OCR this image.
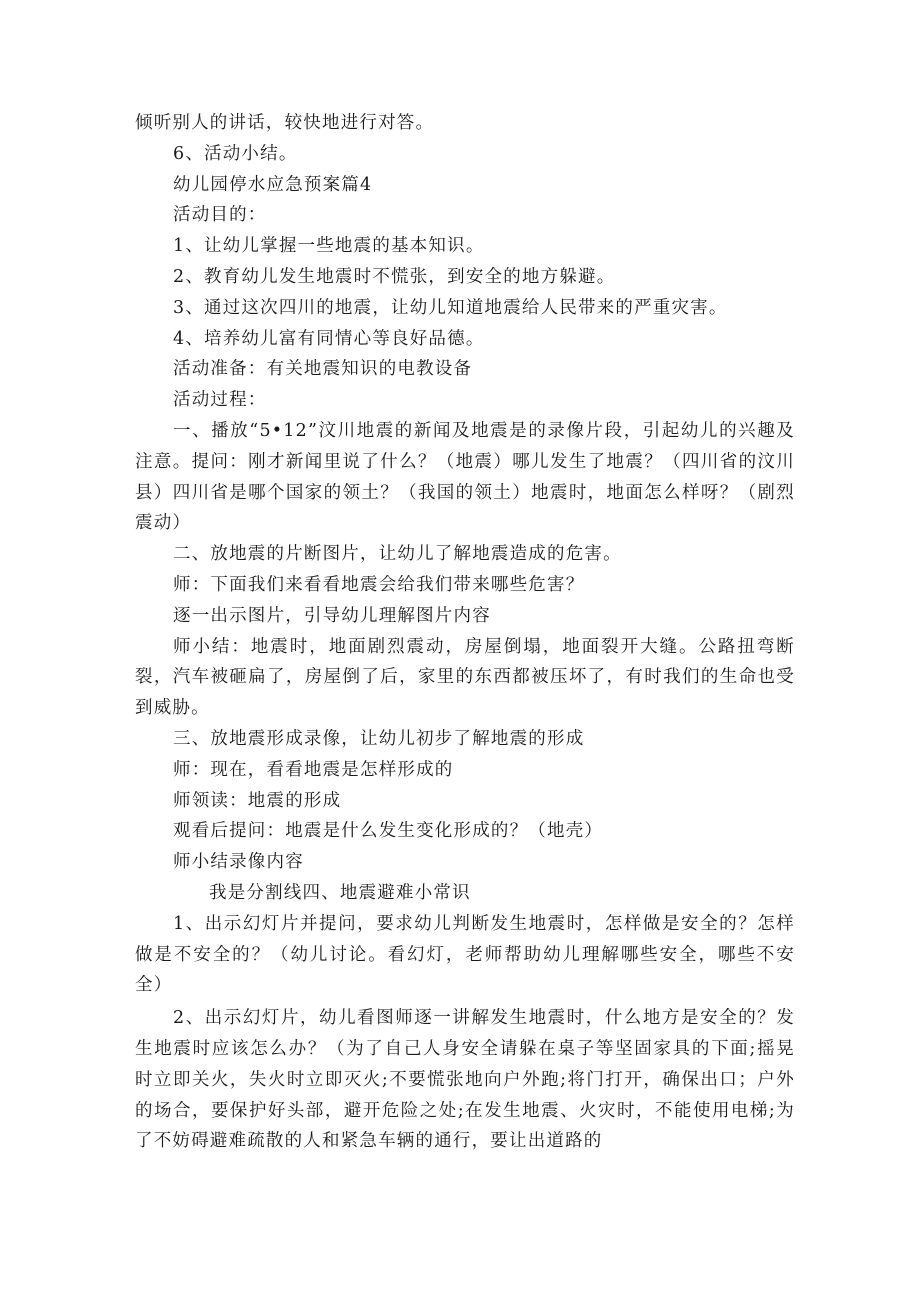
倾听别人的讲话，较快地进行对答。

6、活动小结。

幼儿园停水应急预案篇4

活动目的：

1、让幼儿掌握一些地震的基本知识。

2、教育幼儿发生地震时不慌张，到安全的地方躲避。

3、通过这次四川的地震，让幼儿知道地震给人民带来的严重灾害。

4、培养幼儿富有同情心等良好品德。

活动准备：有关地震知识的电教设备

活动过程：

一、播放“5•12”汶川地震的新闻及地震是的录像片段，引起幼儿的兴趣及注意。提问：刚才新闻里说了什么？（地震）哪儿发生了地震？（四川省的汶川县）四川省是哪个国家的领土？（我国的领土）地震时，地面怎么样呀？（剧烈震动）

二、放地震的片断图片，让幼儿了解地震造成的危害。

师：下面我们来看看地震会给我们带来哪些危害？

逐一出示图片，引导幼儿理解图片内容

师小结：地震时，地面剧烈震动，房屋倒塌，地面裂开大缝。公路扭弯断裂，汽车被砸扁了，房屋倒了后，家里的东西都被压坏了，有时我们的生命也受到威胁。

三、放地震形成录像，让幼儿初步了解地震的形成

师：现在，看看地震是怎样形成的

师领读：地震的形成

观看后提问：地震是什么发生变化形成的？（地壳）

师小结录像内容

我是分割线四、地震避难小常识

1、出示幻灯片并提问，要求幼儿判断发生地震时，怎样做是安全的？怎样做是不安全的？（幼儿讨论。看幻灯，老师帮助幼儿理解哪些安全，哪些不安全）

2、出示幻灯片，幼儿看图师逐一讲解发生地震时，什么地方是安全的？发生地震时应该怎么办？（为了自己人身安全请躲在桌子等坚固家具的下面;摇晃时立即关火，失火时立即灭火;不要慌张地向户外跑;将门打开，确保出口；户外的场合，要保护好头部，避开危险之处;在发生地震、火灾时，不能使用电梯;为了不妨碍避难疏散的人和紧急车辆的通行，要让出道路的
